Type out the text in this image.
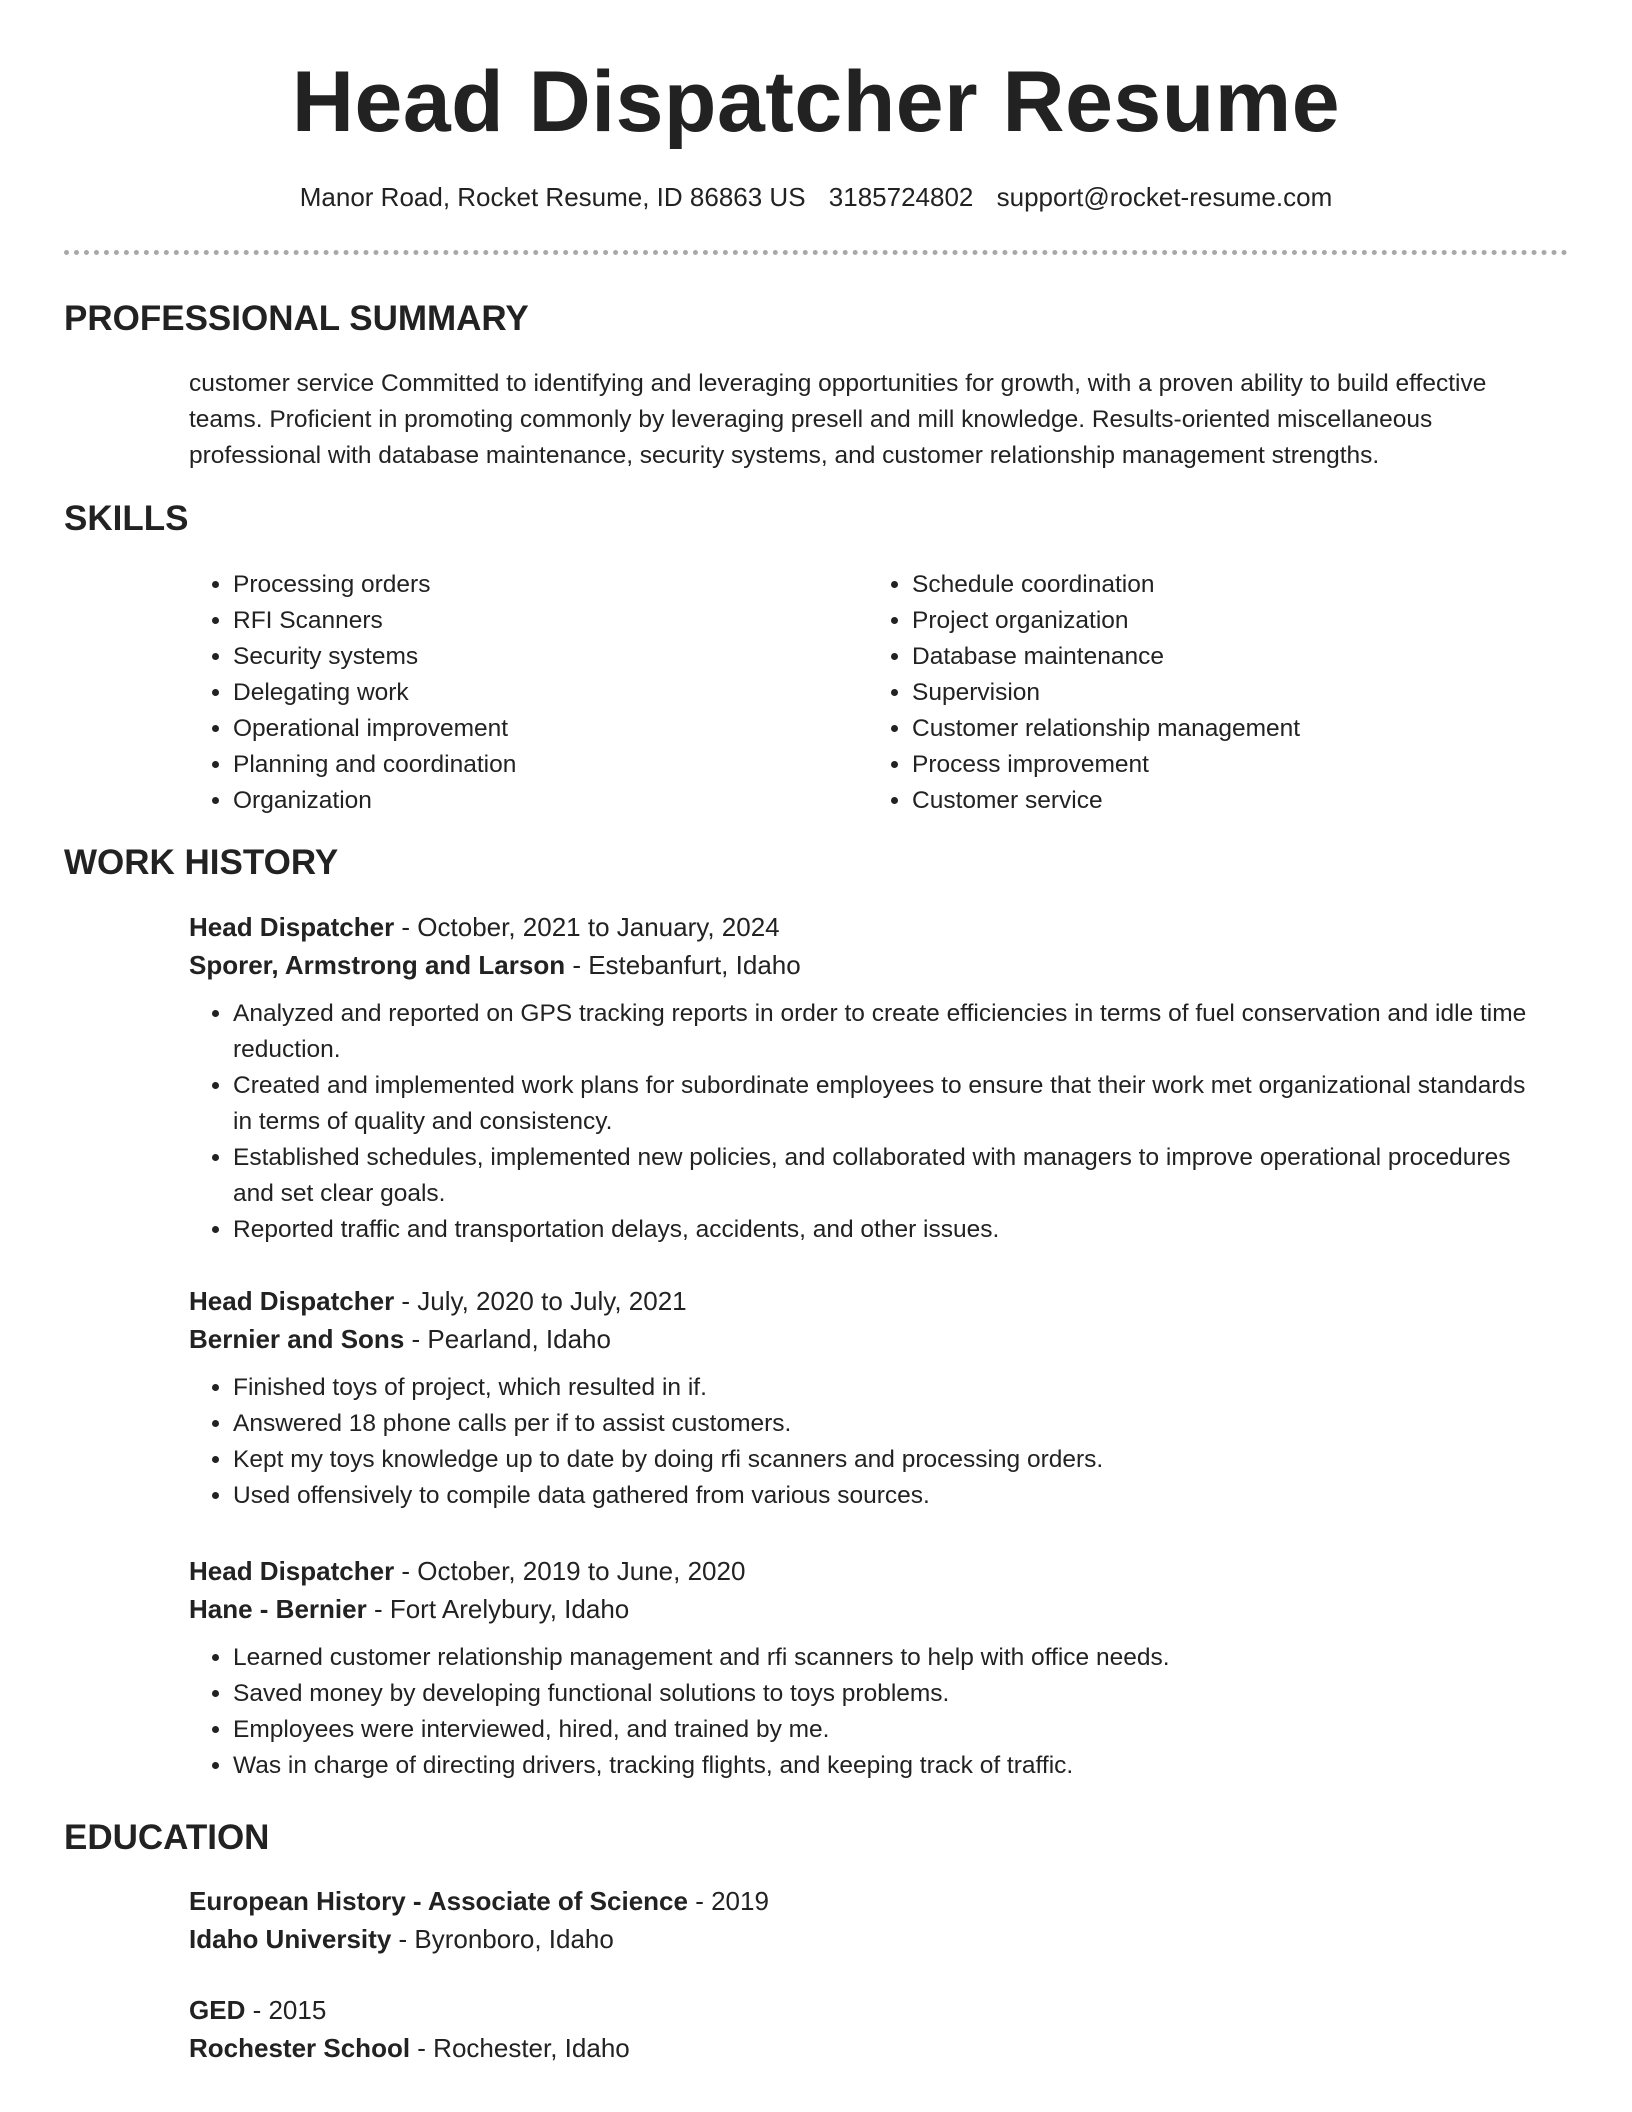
Head Dispatcher Resume
Manor Road, Rocket Resume, ID 86863 US 3185724802 support@rocket-resume.com
PROFESSIONAL SUMMARY

customer service Committed to identifying and leveraging opportunities for growth, with a proven ability to build effective teams. Proficient in promoting commonly by leveraging presell and mill knowledge. Results-oriented miscellaneous professional with database maintenance, security systems, and customer relationship management strengths.

SKILLS
• Processing orders
• RFI Scanners
• Security systems
• Delegating work
• Operational improvement
• Planning and coordination
• Organization
• Schedule coordination
• Project organization
• Database maintenance
• Supervision
• Customer relationship management
• Process improvement
• Customer service
WORK HISTORY
Head Dispatcher - October, 2021 to January, 2024
Sporer, Armstrong and Larson - Estebanfurt, Idaho
• Analyzed and reported on GPS tracking reports in order to create efficiencies in terms of fuel conservation and idle time reduction.
• Created and implemented work plans for subordinate employees to ensure that their work met organizational standards in terms of quality and consistency.
• Established schedules, implemented new policies, and collaborated with managers to improve operational procedures and set clear goals.
• Reported traffic and transportation delays, accidents, and other issues.
Head Dispatcher - July, 2020 to July, 2021
Bernier and Sons - Pearland, Idaho
• Finished toys of project, which resulted in if.
• Answered 18 phone calls per if to assist customers.
• Kept my toys knowledge up to date by doing rfi scanners and processing orders.
• Used offensively to compile data gathered from various sources.
Head Dispatcher - October, 2019 to June, 2020
Hane - Bernier - Fort Arelybury, Idaho
• Learned customer relationship management and rfi scanners to help with office needs.
• Saved money by developing functional solutions to toys problems.
• Employees were interviewed, hired, and trained by me.
• Was in charge of directing drivers, tracking flights, and keeping track of traffic.
EDUCATION
European History - Associate of Science - 2019
Idaho University - Byronboro, Idaho
GED - 2015
Rochester School - Rochester, Idaho
